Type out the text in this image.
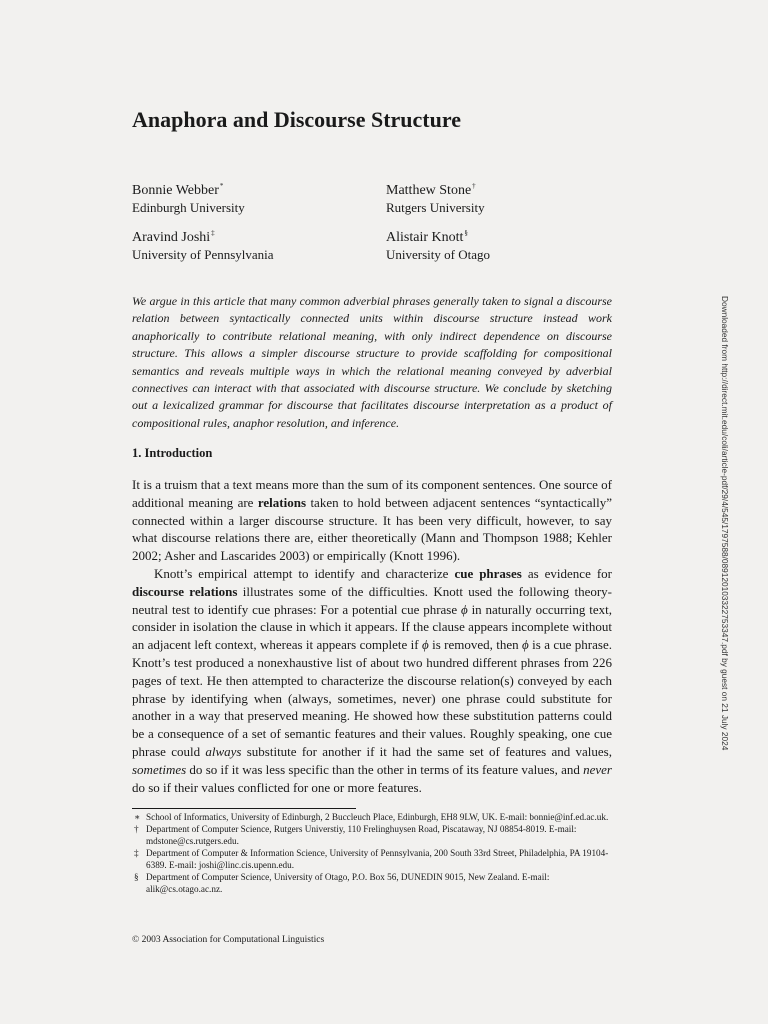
Anaphora and Discourse Structure
Bonnie Webber*
Edinburgh University
Matthew Stone†
Rutgers University
Aravind Joshi‡
University of Pennsylvania
Alistair Knott§
University of Otago
We argue in this article that many common adverbial phrases generally taken to signal a discourse relation between syntactically connected units within discourse structure instead work anaphorically to contribute relational meaning, with only indirect dependence on discourse structure. This allows a simpler discourse structure to provide scaffolding for compositional semantics and reveals multiple ways in which the relational meaning conveyed by adverbial connectives can interact with that associated with discourse structure. We conclude by sketching out a lexicalized grammar for discourse that facilitates discourse interpretation as a product of compositional rules, anaphor resolution, and inference.
1. Introduction

It is a truism that a text means more than the sum of its component sentences. One source of additional meaning are relations taken to hold between adjacent sentences “syntactically” connected within a larger discourse structure. It has been very difficult, however, to say what discourse relations there are, either theoretically (Mann and Thompson 1988; Kehler 2002; Asher and Lascarides 2003) or empirically (Knott 1996).

Knott’s empirical attempt to identify and characterize cue phrases as evidence for discourse relations illustrates some of the difficulties. Knott used the following theory-neutral test to identify cue phrases: For a potential cue phrase ϕ in naturally occurring text, consider in isolation the clause in which it appears. If the clause appears incomplete without an adjacent left context, whereas it appears complete if ϕ is removed, then ϕ is a cue phrase. Knott’s test produced a nonexhaustive list of about two hundred different phrases from 226 pages of text. He then attempted to characterize the discourse relation(s) conveyed by each phrase by identifying when (always, sometimes, never) one phrase could substitute for another in a way that preserved meaning. He showed how these substitution patterns could be a consequence of a set of semantic features and their values. Roughly speaking, one cue phrase could always substitute for another if it had the same set of features and values, sometimes do so if it was less specific than the other in terms of its feature values, and never do so if their values conflicted for one or more features.

∗ School of Informatics, University of Edinburgh, 2 Buccleuch Place, Edinburgh, EH8 9LW, UK. E-mail: bonnie@inf.ed.ac.uk.
† Department of Computer Science, Rutgers Universtiy, 110 Frelinghuysen Road, Piscataway, NJ 08854-8019. E-mail: mdstone@cs.rutgers.edu.
‡ Department of Computer & Information Science, University of Pennsylvania, 200 South 33rd Street, Philadelphia, PA 19104-6389. E-mail: joshi@linc.cis.upenn.edu.
§ Department of Computer Science, University of Otago, P.O. Box 56, DUNEDIN 9015, New Zealand. E-mail: alik@cs.otago.ac.nz.
© 2003 Association for Computational Linguistics
Downloaded from http://direct.mit.edu/coli/article-pdf/29/4/545/1797588/089120103322753347.pdf by guest on 21 July 2024
